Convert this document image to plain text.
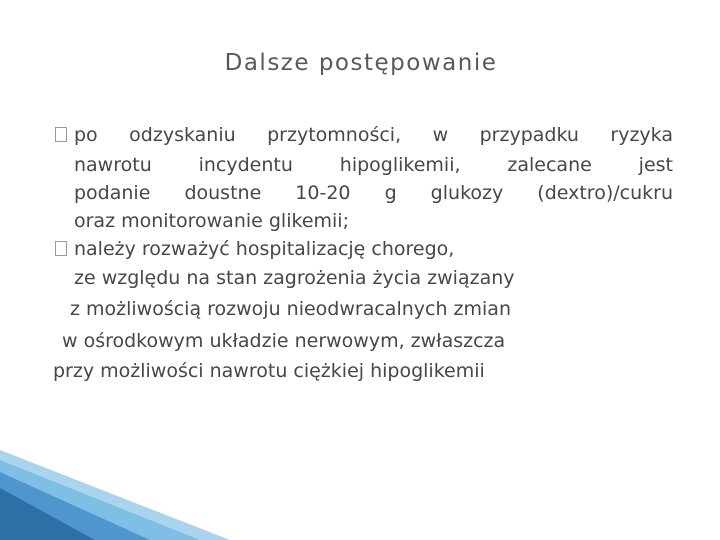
Dalsze postępowanie
po odzyskaniu przytomności, w przypadku ryzyka
nawrotu incydentu hipoglikemii, zalecane jest
podanie doustne 10-20 g glukozy (dextro)/cukru
oraz monitorowanie glikemii;
należy rozważyć hospitalizację chorego,
ze względu na stan zagrożenia życia związany
z możliwością rozwoju nieodwracalnych zmian
w ośrodkowym układzie nerwowym, zwłaszcza
przy możliwości nawrotu ciężkiej hipoglikemii
